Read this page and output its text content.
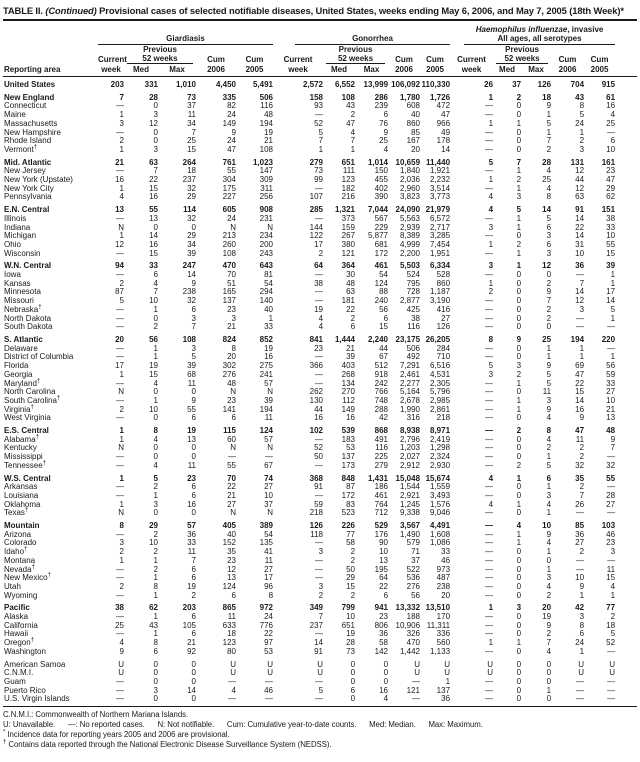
TABLE II. (Continued) Provisional cases of selected notifiable diseases, United States, weeks ending May 6, 2006, and May 7, 2005 (18th Week)*

	Giardiasis					Gonorrhea					Haemophilus influenzae, invasive
All ages, all serotypes					

	Current	
Previous
52 weeks	Cum	Cum	Current	
Previous
52 weeks	Cum	Cum	Current	
Previous
52 weeks	Cum	Cum	
Reporting area	week	Med	Max	2006	2005	week	Med	Max	2006	2005	week	Med	Max	2006	2005	
United States	203	331	1,010	4,450	5,491	2,572	6,552	13,999	106,092	110,330	26	37	126	704	915	
New England	7	28	73	335	506	158	108	286	1,780	1,726	1	2	18	43	61	
Connecticut	—	0	37	82	116	93	43	239	608	472	—	0	9	8	16	
Maine	1	3	11	24	48	—	2	6	40	47	—	0	1	5	4	
Massachusetts	3	12	34	149	194	52	47	76	860	966	1	1	5	24	25	
New Hampshire	—	0	7	9	19	5	4	9	85	49	—	0	1	1	—	
Rhode Island	2	0	25	24	21	7	7	25	167	178	—	0	7	2	6	
Vermont†	1	3	15	47	108	1	1	4	20	14	—	0	2	3	10	
Mid. Atlantic	21	63	264	761	1,023	279	651	1,014	10,659	11,440	5	7	28	131	161	
New Jersey	—	7	18	55	147	73	111	150	1,840	1,921	—	1	4	12	23	
New York (Upstate)	16	22	237	304	309	99	123	455	2,036	2,232	1	2	25	44	47	
New York City	1	15	32	175	311	—	182	402	2,960	3,514	—	1	4	12	29	
Pennsylvania	4	16	29	227	256	107	216	390	3,823	3,773	4	3	8	63	62	
E.N. Central	13	55	114	605	908	285	1,321	7,044	24,090	21,979	4	5	14	91	151	
Illinois	—	13	32	24	231	—	373	567	5,563	6,572	—	1	5	14	38	
Indiana	N	0	0	N	N	144	159	229	2,939	2,717	3	1	6	22	33	
Michigan	1	14	29	213	234	122	267	5,877	8,389	3,285	—	0	3	14	10	
Ohio	12	16	34	260	200	17	380	681	4,999	7,454	1	2	6	31	55	
Wisconsin	—	15	39	108	243	2	121	172	2,200	1,951	—	1	3	10	15	
W.N. Central	94	33	247	470	643	64	364	461	5,503	6,334	3	1	12	36	39	
Iowa	—	6	14	70	81	—	30	54	524	528	—	0	0	—	1	
Kansas	2	4	9	51	54	38	48	124	795	860	1	0	2	7	1	
Minnesota	87	7	238	165	294	—	63	88	728	1,187	2	0	9	14	17	
Missouri	5	10	32	137	140	—	181	240	2,877	3,190	—	0	7	12	14	
Nebraska†	—	1	6	23	40	19	22	56	425	416	—	0	2	3	5	
North Dakota	—	0	3	3	1	4	2	6	38	27	—	0	2	—	1	
South Dakota	—	2	7	21	33	4	6	15	116	126	—	0	0	—	—	
S. Atlantic	20	56	108	824	852	841	1,444	2,240	23,175	26,205	8	9	25	194	220	
Delaware	—	1	3	8	19	23	21	44	506	284	—	0	1	1	—	
District of Columbia	—	1	5	20	16	—	39	67	492	710	—	0	1	1	1	
Florida	17	19	39	302	275	366	403	512	7,291	6,516	5	3	9	69	56	
Georgia	1	15	68	276	241	—	268	918	2,461	4,531	3	2	5	47	59	
Maryland†	—	4	11	48	57	—	134	242	2,277	2,305	—	1	5	22	33	
North Carolina	N	0	0	N	N	262	270	766	5,164	5,796	—	0	11	15	27	
South Carolina†	—	1	9	23	39	130	112	748	2,678	2,985	—	1	3	14	10	
Virginia†	2	10	55	141	194	44	149	288	1,990	2,861	—	1	9	16	21	
West Virginia	—	0	6	6	11	16	16	42	316	218	—	0	4	9	13	
E.S. Central	1	8	19	115	124	102	539	868	8,938	8,971	—	2	8	47	48	
Alabama†	1	4	13	60	57	—	183	491	2,796	2,419	—	0	4	11	9	
Kentucky	N	0	0	N	N	52	53	116	1,203	1,298	—	0	2	2	7	
Mississippi	—	0	0	—	—	50	137	225	2,027	2,324	—	0	1	2	—	
Tennessee†	—	4	11	55	67	—	173	279	2,912	2,930	—	2	5	32	32	
W.S. Central	1	5	23	70	74	368	848	1,431	15,048	15,674	4	1	6	35	55	
Arkansas	—	2	6	22	27	91	87	186	1,544	1,559	—	0	1	2	—	
Louisiana	—	1	6	21	10	—	172	461	2,921	3,493	—	0	3	7	28	
Oklahoma	1	3	16	27	37	59	83	764	1,245	1,576	4	1	4	26	27	
Texas†	N	0	0	N	N	218	523	712	9,338	9,046	—	0	1	—	—	
Mountain	8	29	57	405	389	126	226	529	3,567	4,491	—	4	10	85	103	
Arizona	—	2	36	40	54	118	77	176	1,490	1,608	—	1	9	36	46	
Colorado	3	10	33	152	135	—	58	90	579	1,086	—	1	4	27	23	
Idaho†	2	2	11	35	41	3	2	10	71	33	—	0	1	2	3	
Montana	1	1	7	23	11	—	2	13	37	46	—	0	0	—	—	
Nevada†	—	2	6	12	27	—	50	195	522	973	—	0	1	—	11	
New Mexico†	—	1	6	13	17	—	29	64	536	487	—	0	3	10	15	
Utah	2	8	19	124	96	3	15	22	276	238	—	0	4	9	4	
Wyoming	—	1	2	6	8	2	2	6	56	20	—	0	2	1	1	
Pacific	38	62	203	865	972	349	799	941	13,332	13,510	1	3	20	42	77	
Alaska	—	1	6	11	24	7	10	23	188	170	—	0	19	3	2	
California	25	43	105	633	776	237	651	806	10,906	11,311	—	0	9	8	18	
Hawaii	—	1	6	18	22	—	19	36	326	336	—	0	2	6	5	
Oregon†	4	8	21	123	97	14	28	58	470	560	1	1	7	24	52	
Washington	9	6	92	80	53	91	73	142	1,442	1,133	—	0	4	1	—	
American Samoa	U	0	0	U	U	U	0	0	U	U	U	0	0	U	U	
C.N.M.I.	U	0	0	U	U	U	0	0	U	U	U	0	0	U	U	
Guam	—	0	0	—	—	—	0	0	—	1	—	0	0	—	—	
Puerto Rico	—	3	14	4	46	5	6	16	121	137	—	0	1	—	—	
U.S. Virgin Islands	—	0	0	—	—	—	0	4	—	36	—	0	0	—	—	
C.N.M.I.: Commonwealth of Northern Mariana Islands.
U: Unavailable.      —: No reported cases.      N: Not notifiable.      Cum: Cumulative year-to-date counts.      Med: Median.      Max: Maximum.
* Incidence data for reporting years 2005 and 2006 are provisional.
† Contains data reported through the National Electronic Disease Surveillance System (NEDSS).
